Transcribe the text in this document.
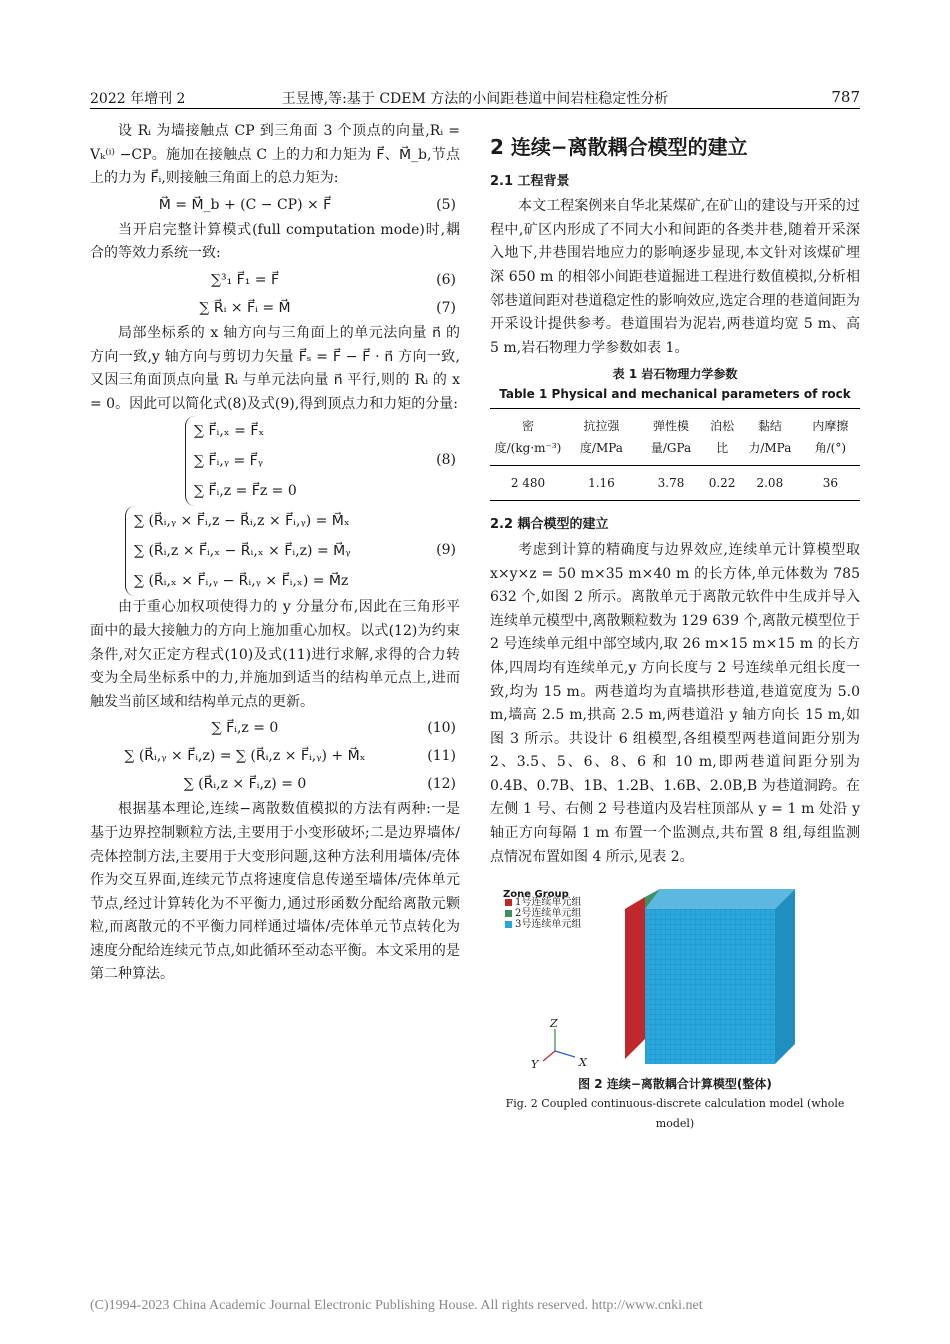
2022 年增刊 2	王昱博,等:基于 CDEM 方法的小间距巷道中间岩柱稳定性分析	787

设 Rᵢ 为墙接触点 CP 到三角面 3 个顶点的向量,Rᵢ = Vₖ⁽ⁱ⁾ −CP。施加在接触点 C 上的力和力矩为 F⃗、M⃗_b,节点上的力为 F⃗ᵢ,则接触三角面上的总力矩为:

M⃗ = M⃗_b + (C − CP) × F⃗	(5)

当开启完整计算模式(full computation mode)时,耦合的等效力系统一致:

∑³₁ F⃗₁ = F⃗	(6)
∑ R⃗ᵢ × F⃗ᵢ = M⃗	(7)

局部坐标系的 x 轴方向与三角面上的单元法向量 n⃗ 的方向一致,y 轴方向与剪切力矢量 F⃗ₛ = F⃗ − F⃗ · n⃗ 方向一致,又因三角面顶点向量 Rᵢ 与单元法向量 n⃗ 平行,则的 Rᵢ 的 x = 0。因此可以简化式(8)及式(9),得到顶点力和力矩的分量:

∑ F⃗ᵢ,ₓ = F⃗ₓ
∑ F⃗ᵢ,ᵧ = F⃗ᵧ
∑ F⃗ᵢ,z = F⃗z = 0
(8)
∑ (R⃗ᵢ,ᵧ × F⃗ᵢ,z − R⃗ᵢ,z × F⃗ᵢ,ᵧ) = M⃗ₓ
∑ (R⃗ᵢ,z × F⃗ᵢ,ₓ − R⃗ᵢ,ₓ × F⃗ᵢ,z) = M⃗ᵧ
∑ (R⃗ᵢ,ₓ × F⃗ᵢ,ᵧ − R⃗ᵢ,ᵧ × F⃗ᵢ,ₓ) = M⃗z
(9)

由于重心加权项使得力的 y 分量分布,因此在三角形平面中的最大接触力的方向上施加重心加权。以式(12)为约束条件,对欠正定方程式(10)及式(11)进行求解,求得的合力转变为全局坐标系中的力,并施加到适当的结构单元点上,进而触发当前区域和结构单元点的更新。

∑ F⃗ᵢ,z = 0	(10)
∑ (R⃗ᵢ,ᵧ × F⃗ᵢ,z) = ∑ (R⃗ᵢ,z × F⃗ᵢ,ᵧ) + M⃗ₓ	(11)
∑ (R⃗ᵢ,z × F⃗ᵢ,z) = 0	(12)

根据基本理论,连续−离散数值模拟的方法有两种:一是基于边界控制颗粒方法,主要用于小变形破坏;二是边界墙体/壳体控制方法,主要用于大变形问题,这种方法利用墙体/壳体作为交互界面,连续元节点将速度信息传递至墙体/壳体单元节点,经过计算转化为不平衡力,通过形函数分配给离散元颗粒,而离散元的不平衡力同样通过墙体/壳体单元节点转化为速度分配给连续元节点,如此循环至动态平衡。本文采用的是第二种算法。

2 连续−离散耦合模型的建立
2.1 工程背景

本文工程案例来自华北某煤矿,在矿山的建设与开采的过程中,矿区内形成了不同大小和间距的各类井巷,随着开采深入地下,井巷围岩地应力的影响逐步显现,本文针对该煤矿埋深 650 m 的相邻小间距巷道掘进工程进行数值模拟,分析相邻巷道间距对巷道稳定性的影响效应,选定合理的巷道间距为开采设计提供参考。巷道围岩为泥岩,两巷道均宽 5 m、高 5 m,岩石物理力学参数如表 1。

表 1 岩石物理力学参数
Table 1 Physical and mechanical parameters of rock
密度/(kg·m⁻³)	抗拉强度/MPa	弹性模量/GPa	泊松比	黏结力/MPa	内摩擦角/(°)
2 480	1.16	3.78	0.22	2.08	36
2.2 耦合模型的建立

考虑到计算的精确度与边界效应,连续单元计算模型取 x×y×z = 50 m×35 m×40 m 的长方体,单元体数为 785 632 个,如图 2 所示。离散单元于离散元软件中生成并导入连续单元模型中,离散颗粒数为 129 639 个,离散元模型位于 2 号连续单元组中部空域内,取 26 m×15 m×15 m 的长方体,四周均有连续单元,y 方向长度与 2 号连续单元组长度一致,均为 15 m。两巷道均为直墙拱形巷道,巷道宽度为 5.0 m,墙高 2.5 m,拱高 2.5 m,两巷道沿 y 轴方向长 15 m,如图 3 所示。共设计 6 组模型,各组模型两巷道间距分别为 2、3.5、5、6、8、6 和 10 m,即两巷道间距分别为 0.4B、0.7B、1B、1.2B、1.6B、2.0B,B 为巷道洞跨。在左侧 1 号、右侧 2 号巷道内及岩柱顶部从 y = 1 m 处沿 y 轴正方向每隔 1 m 布置一个监测点,共布置 8 组,每组监测点情况布置如图 4 所示,见表 2。

Zone Group
1号连续单元组
2号连续单元组
3号连续单元组
Z
Y	X
图 2 连续−离散耦合计算模型(整体)
Fig. 2 Coupled continuous-discrete calculation model (whole model)
(C)1994-2023 China Academic Journal Electronic Publishing House. All rights reserved. http://www.cnki.net
